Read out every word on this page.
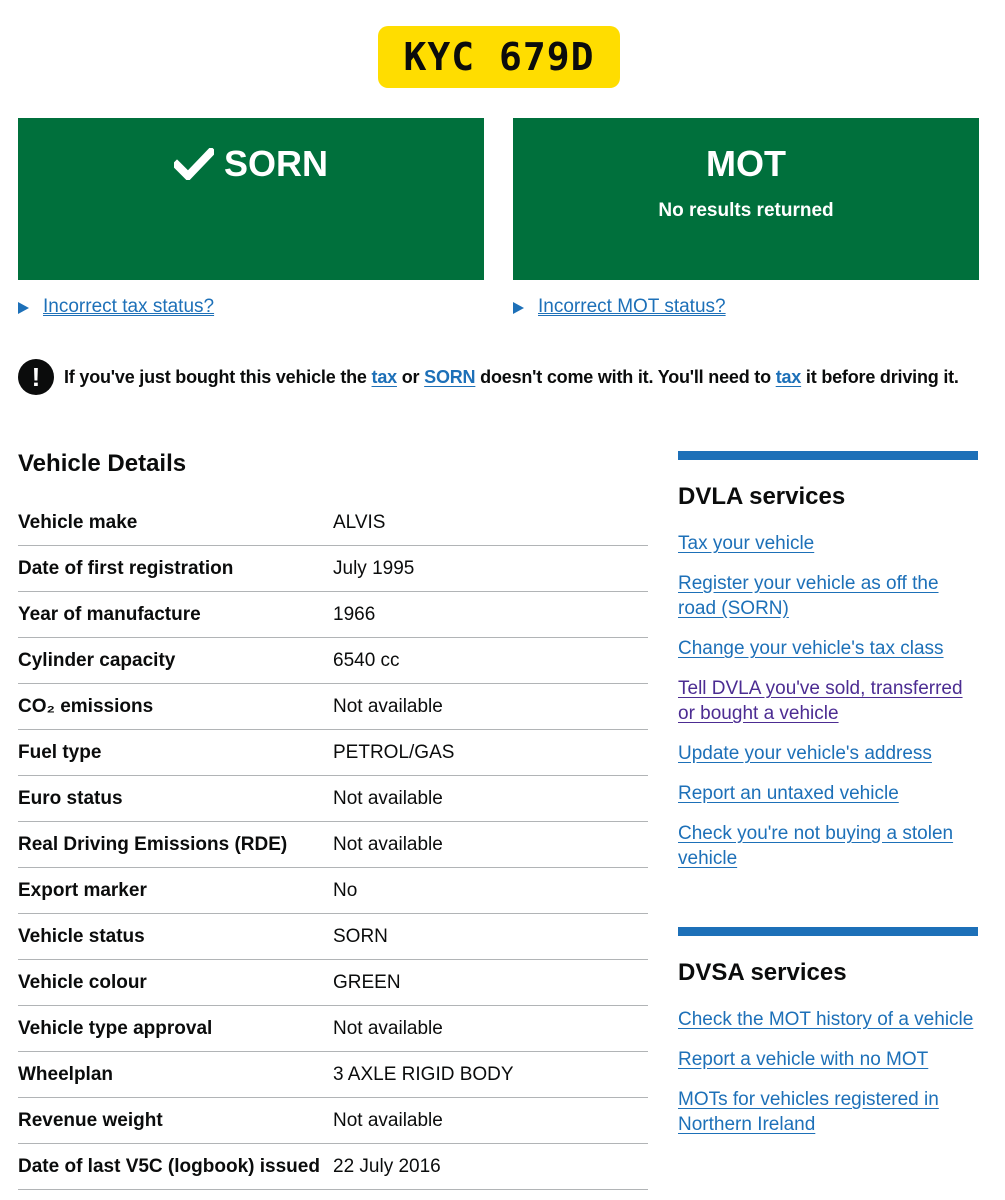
KYC 679D
SORN	MOT
No results returned
Incorrect tax status?	Incorrect MOT status?
!	If you've just bought this vehicle the tax or SORN doesn't come with it. You'll need to tax it before driving it.
Vehicle Details
Vehicle make	ALVIS
Date of first registration	July 1995
Year of manufacture	1966
Cylinder capacity	6540 cc
CO₂ emissions	Not available
Fuel type	PETROL/GAS
Euro status	Not available
Real Driving Emissions (RDE)	Not available
Export marker	No
Vehicle status	SORN
Vehicle colour	GREEN
Vehicle type approval	Not available
Wheelplan	3 AXLE RIGID BODY
Revenue weight	Not available
Date of last V5C (logbook) issued 22 July 2016
DVLA services
Tax your vehicle
Register your vehicle as off the road (SORN)
Change your vehicle's tax class
Tell DVLA you've sold, transferred or bought a vehicle
Update your vehicle's address
Report an untaxed vehicle
Check you're not buying a stolen vehicle
DVSA services
Check the MOT history of a vehicle
Report a vehicle with no MOT
MOTs for vehicles registered in Northern Ireland
